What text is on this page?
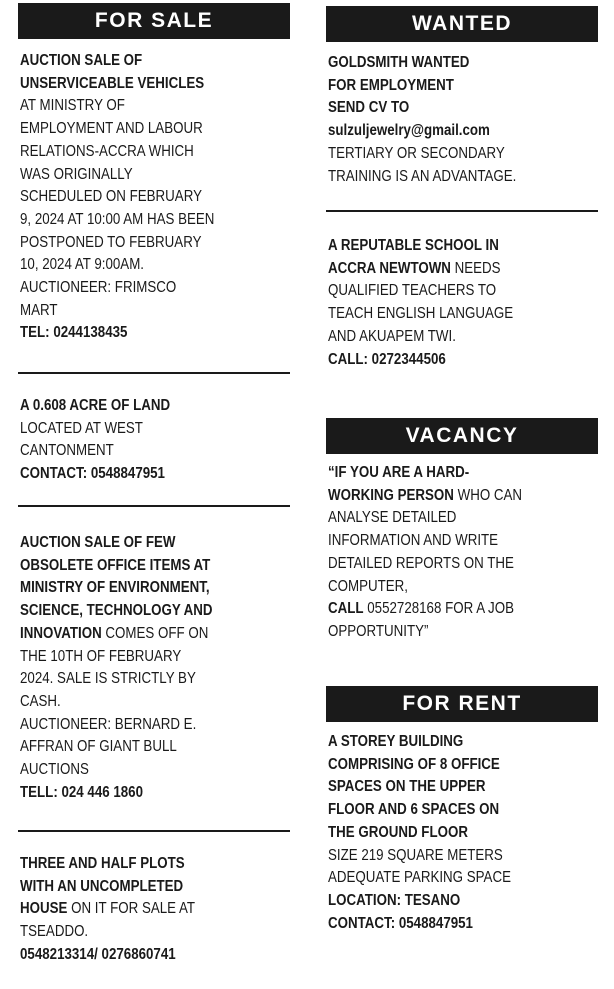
FOR SALE
AUCTION SALE OF
UNSERVICEABLE VEHICLES
AT MINISTRY OF
EMPLOYMENT AND LABOUR
RELATIONS-ACCRA WHICH
WAS ORIGINALLY
SCHEDULED ON FEBRUARY
9, 2024 AT 10:00 AM HAS BEEN
POSTPONED TO FEBRUARY
10, 2024 AT 9:00AM.
AUCTIONEER: FRIMSCO
MART
TEL: 0244138435
A 0.608 ACRE OF LAND
LOCATED AT WEST
CANTONMENT
CONTACT: 0548847951
AUCTION SALE OF FEW
OBSOLETE OFFICE ITEMS AT
MINISTRY OF ENVIRONMENT,
SCIENCE, TECHNOLOGY AND
INNOVATION COMES OFF ON
THE 10TH OF FEBRUARY
2024. SALE IS STRICTLY BY
CASH.
AUCTIONEER: BERNARD E.
AFFRAN OF GIANT BULL
AUCTIONS
TELL: 024 446 1860
THREE AND HALF PLOTS
WITH AN UNCOMPLETED
HOUSE ON IT FOR SALE AT
TSEADDO.
0548213314/ 0276860741
WANTED
GOLDSMITH WANTED
FOR EMPLOYMENT
SEND CV TO
sulzuljewelry@gmail.com
TERTIARY OR SECONDARY
TRAINING IS AN ADVANTAGE.
A REPUTABLE SCHOOL IN
ACCRA NEWTOWN NEEDS
QUALIFIED TEACHERS TO
TEACH ENGLISH LANGUAGE
AND AKUAPEM TWI.
CALL: 0272344506
VACANCY
“IF YOU ARE A HARD-
WORKING PERSON WHO CAN
ANALYSE DETAILED
INFORMATION AND WRITE
DETAILED REPORTS ON THE
COMPUTER,
CALL 0552728168 FOR A JOB
OPPORTUNITY”
FOR RENT
A STOREY BUILDING
COMPRISING OF 8 OFFICE
SPACES ON THE UPPER
FLOOR AND 6 SPACES ON
THE GROUND FLOOR
SIZE 219 SQUARE METERS
ADEQUATE PARKING SPACE
LOCATION: TESANO
CONTACT: 0548847951
